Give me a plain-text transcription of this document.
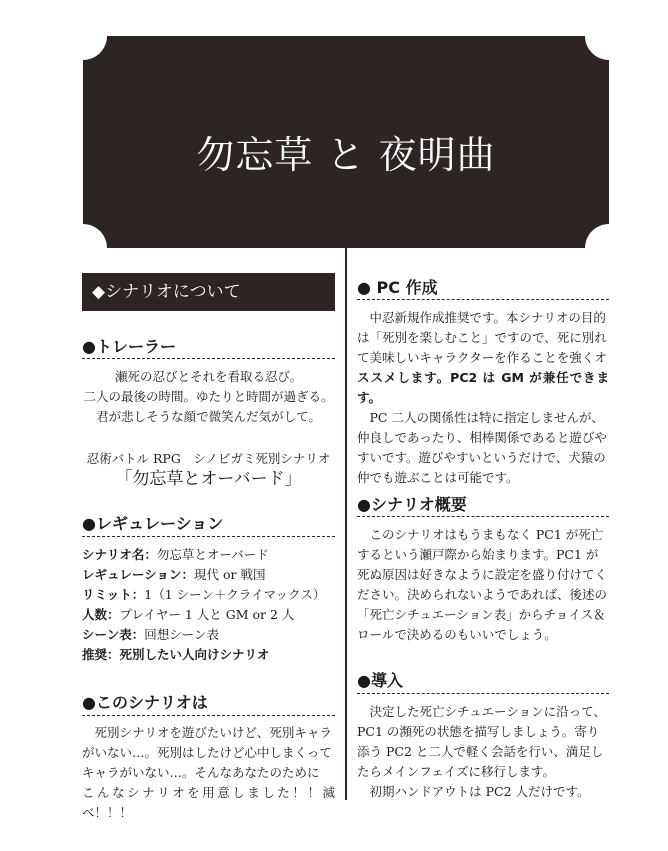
勿忘草 と 夜明曲
◆シナリオについて
●トレーラー
瀬死の忍びとそれを看取る忍び。
二人の最後の時間。ゆたりと時間が過ぎる。
君が悲しそうな顔で微笑んだ気がして。
忍術バトル RPG　シノビガミ死別シナリオ
「勿忘草とオーバード」
●レギュレーション
シナリオ名：勿忘草とオーバード
レギュレーション：現代 or 戦国
リミット：1（1 シーン＋クライマックス）
人数：プレイヤー 1 人と GM or 2 人
シーン表：回想シーン表
推奨：死別したい人向けシナリオ
●このシナリオは
死別シナリオを遊びたいけど、死別キャラ
がいない…。死別はしたけど心中しまくって
キャラがいない…。そんなあなたのために
こんなシナリオを用意しました！！滅べ！！！
● PC 作成
中忍新規作成推奨です。本シナリオの目的
は「死別を楽しむこと」ですので、死に別れ
て美味しいキャラクターを作ることを強くオ
ススメします。PC2 は GM が兼任できます。
PC 二人の関係性は特に指定しませんが、
仲良しであったり、相棒関係であると遊びや
すいです。遊びやすいというだけで、犬猿の
仲でも遊ぶことは可能です。
●シナリオ概要
このシナリオはもうまもなく PC1 が死亡
するという瀬戸際から始まります。PC1 が
死ぬ原因は好きなように設定を盛り付けてく
ださい。決められないようであれば、後述の
「死亡シチュエーション表」からチョイス＆
ロールで決めるのもいいでしょう。
●導入
決定した死亡シチュエーションに沿って、
PC1 の瀕死の状態を描写しましょう。寄り
添う PC2 と二人で軽く会話を行い、満足し
たらメインフェイズに移行します。
初期ハンドアウトは PC2 人だけです。
